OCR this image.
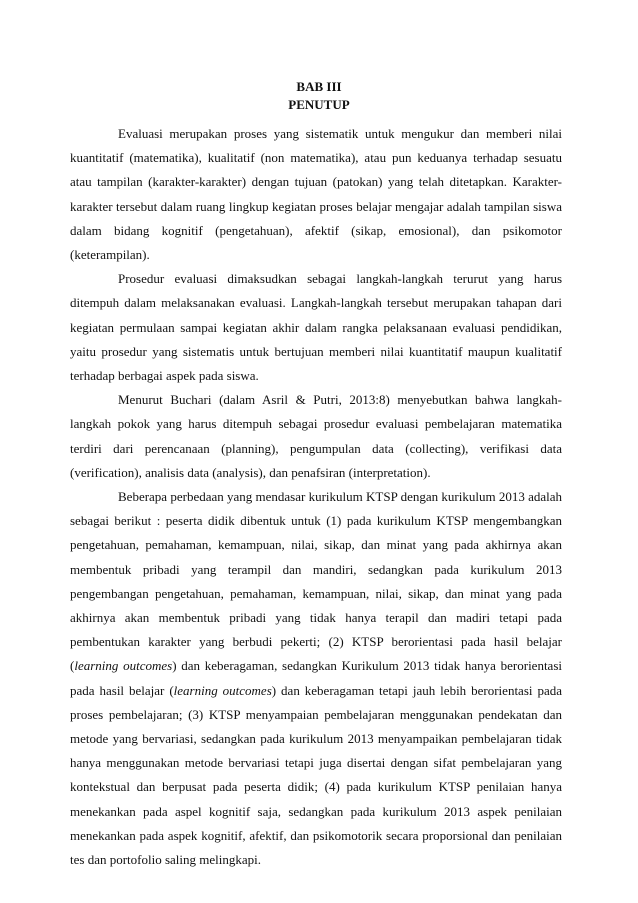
BAB III
PENUTUP

Evaluasi merupakan proses yang sistematik untuk mengukur dan memberi nilai kuantitatif (matematika), kualitatif (non matematika), atau pun keduanya terhadap sesuatu atau tampilan (karakter-karakter) dengan tujuan (patokan) yang telah ditetapkan. Karakter-karakter tersebut dalam ruang lingkup kegiatan proses belajar mengajar adalah tampilan siswa dalam bidang kognitif (pengetahuan), afektif (sikap, emosional), dan psikomotor (keterampilan).

Prosedur evaluasi dimaksudkan sebagai langkah-langkah terurut yang harus ditempuh dalam melaksanakan evaluasi. Langkah-langkah tersebut merupakan tahapan dari kegiatan permulaan sampai kegiatan akhir dalam rangka pelaksanaan evaluasi pendidikan, yaitu prosedur yang sistematis untuk bertujuan memberi nilai kuantitatif maupun kualitatif terhadap berbagai aspek pada siswa.

Menurut Buchari (dalam Asril & Putri, 2013:8) menyebutkan bahwa langkah-langkah pokok yang harus ditempuh sebagai prosedur evaluasi pembelajaran matematika terdiri dari perencanaan (planning), pengumpulan data (collecting), verifikasi data (verification), analisis data (analysis), dan penafsiran (interpretation).

Beberapa perbedaan yang mendasar kurikulum KTSP dengan kurikulum 2013 adalah sebagai berikut : peserta didik dibentuk untuk (1) pada kurikulum KTSP mengembangkan pengetahuan, pemahaman, kemampuan, nilai, sikap, dan minat yang pada akhirnya akan membentuk pribadi yang terampil dan mandiri, sedangkan pada kurikulum 2013 pengembangan pengetahuan, pemahaman, kemampuan, nilai, sikap, dan minat yang pada akhirnya akan membentuk pribadi yang tidak hanya terapil dan madiri tetapi pada pembentukan karakter yang berbudi pekerti; (2) KTSP berorientasi pada hasil belajar (learning outcomes) dan keberagaman, sedangkan Kurikulum 2013 tidak hanya berorientasi pada hasil belajar (learning outcomes) dan keberagaman tetapi jauh lebih berorientasi pada proses pembelajaran; (3) KTSP menyampaian pembelajaran menggunakan pendekatan dan metode yang bervariasi, sedangkan pada kurikulum 2013 menyampaikan pembelajaran tidak hanya menggunakan metode bervariasi tetapi juga disertai dengan sifat pembelajaran yang kontekstual dan berpusat pada peserta didik; (4) pada kurikulum KTSP penilaian hanya menekankan pada aspel kognitif saja, sedangkan pada kurikulum 2013 aspek penilaian menekankan pada aspek kognitif, afektif, dan psikomotorik secara proporsional dan penilaian tes dan portofolio saling melingkapi.
